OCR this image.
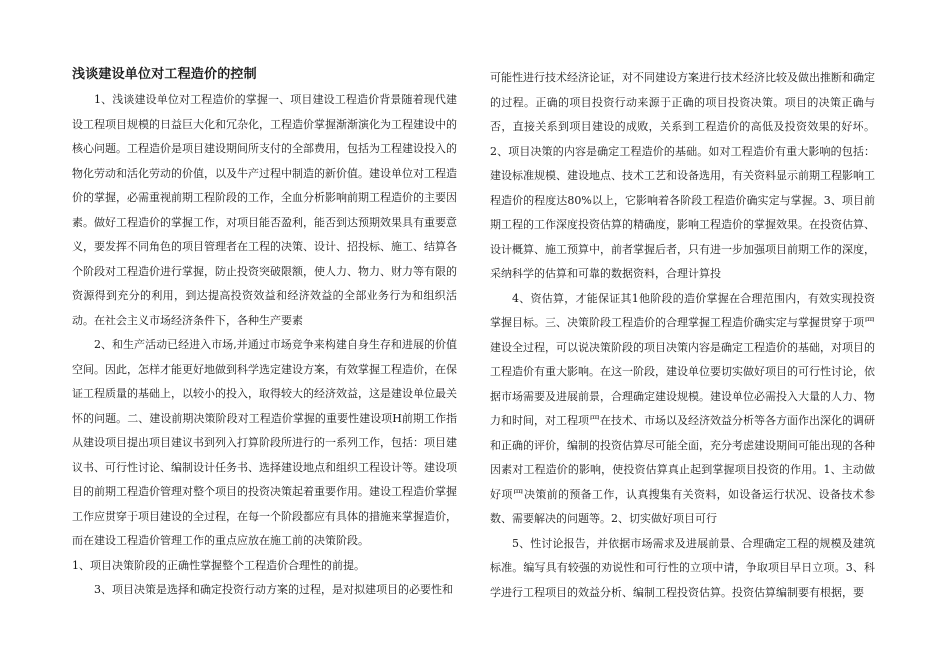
浅谈建设单位对工程造价的控制

1、浅谈建设单位对工程造价的掌握一、项目建设工程造价背景随着现代建设工程项目规模的日益巨大化和冗杂化，工程造价掌握渐渐演化为工程建设中的核心问题。工程造价是项目建设期间所支付的全部费用，包括为工程建设投入的物化劳动和活化劳动的价值，以及牛产过程中制造的新价值。建设单位对工程造价的掌握，必需重视前期工程阶段的工作，全血分析影响前期工程造价的主要因素。做好工程造价的掌握工作，对项目能否盈利，能否到达预期效果具有重要意义，要发挥不同角色的项目管理者在工程的决策、设计、招投标、施工、结算各个阶段对工程造价进行掌握，防止投资突破限额，使人力、物力、财力等有限的资源得到充分的利用，到达提高投资效益和经济效益的全部业务行为和组织活动。在社会主义市场经济条件下，各种生产要素

2、和生产活动已经进入市场,并通过市场竞争来构建自身生存和进展的价值空间。因此，怎样才能更好地做到科学选定建设方案，有效掌握工程造价，在保证工程质量的基础上，以较小的投入，取得较大的经济效益，这是建设单位最关怀的问题。二、建设前期决策阶段对工程造价掌握的重要性建设项H前期工作指从建设项目提出项目建议书到列入打算阶段所进行的一系列工作，包括：项目建议书、可行性讨论、编制设计任务书、选择建设地点和组织工程设计等。建设项目的前期工程造价管理对整个项目的投资决策起着重要作用。建设工程造价掌握工作应贯穿于项目建设的全过程，在每一个阶段都应有具体的措施来掌握造价，而在建设工程造价管理工作的重点应放在施工前的决策阶段。

1、项目决策阶段的正确性掌握整个工程造价合理性的前提。

3、项目决策是选择和确定投资行动方案的过程，是对拟建项目的必要性和

可能性进行技术经济论证，对不同建设方案进行技术经济比较及做出推断和确定的过程。正确的项目投资行动来源于正确的项目投资决策。项目的决策正确与否，直接关系到项目建设的成败，关系到工程造价的高低及投资效果的好坏。2、项目决策的内容是确定工程造价的基础。如对工程造价有重大影响的包括：建设标准规模、建设地点、技术工艺和设备选用，有关资料显示前期工程影响工程造价的程度达80%以上，它影响着各阶段工程造价确实定与掌握。3、项目前期工程的工作深度投资估算的精确度，影响工程造价的掌握效果。在投资估算、设计概算、施工预算中，前者掌握后者，只有进一步加强项目前期工作的深度，采纳科学的估算和可靠的数据资料，合理计算投

4、资估算，才能保证其1他阶段的造价掌握在合理范围内，有效实现投资掌握目标。三、决策阶段工程造价的合理掌握工程造价确实定与掌握贯穿于项⺫建设全过程，可以说决策阶段的项目决策内容是确定工程造价的基础，对项目的工程造价有重大影响。在这一阶段，建设单位要切实做好项目的可行性讨论，依据市场需要及进展前景，合理确定建设规模。建设单位必需投入大量的人力、物力和时间，对工程项⺫在技术、市场以及经济效益分析等各方面作出深化的调研和正确的评价，编制的投资估算尽可能全面，充分考虑建设期间可能出现的各种因素对工程造价的影响，使投资估算真止起到掌握项目投资的作用。1、主动做好项⺫决策前的预备工作，认真搜集有关资料，如设备运行状况、设备技术参数、需要解决的问题等。2、切实做好项目可行

5、性讨论报告，并依据市场需求及进展前景、合理确定工程的规模及建筑标准。编写具有较强的劝说性和可行性的立项中请，争取项目早日立项。3、科学进行工程项目的效益分析、编制工程投资估算。投资估算编制要有根据，要
